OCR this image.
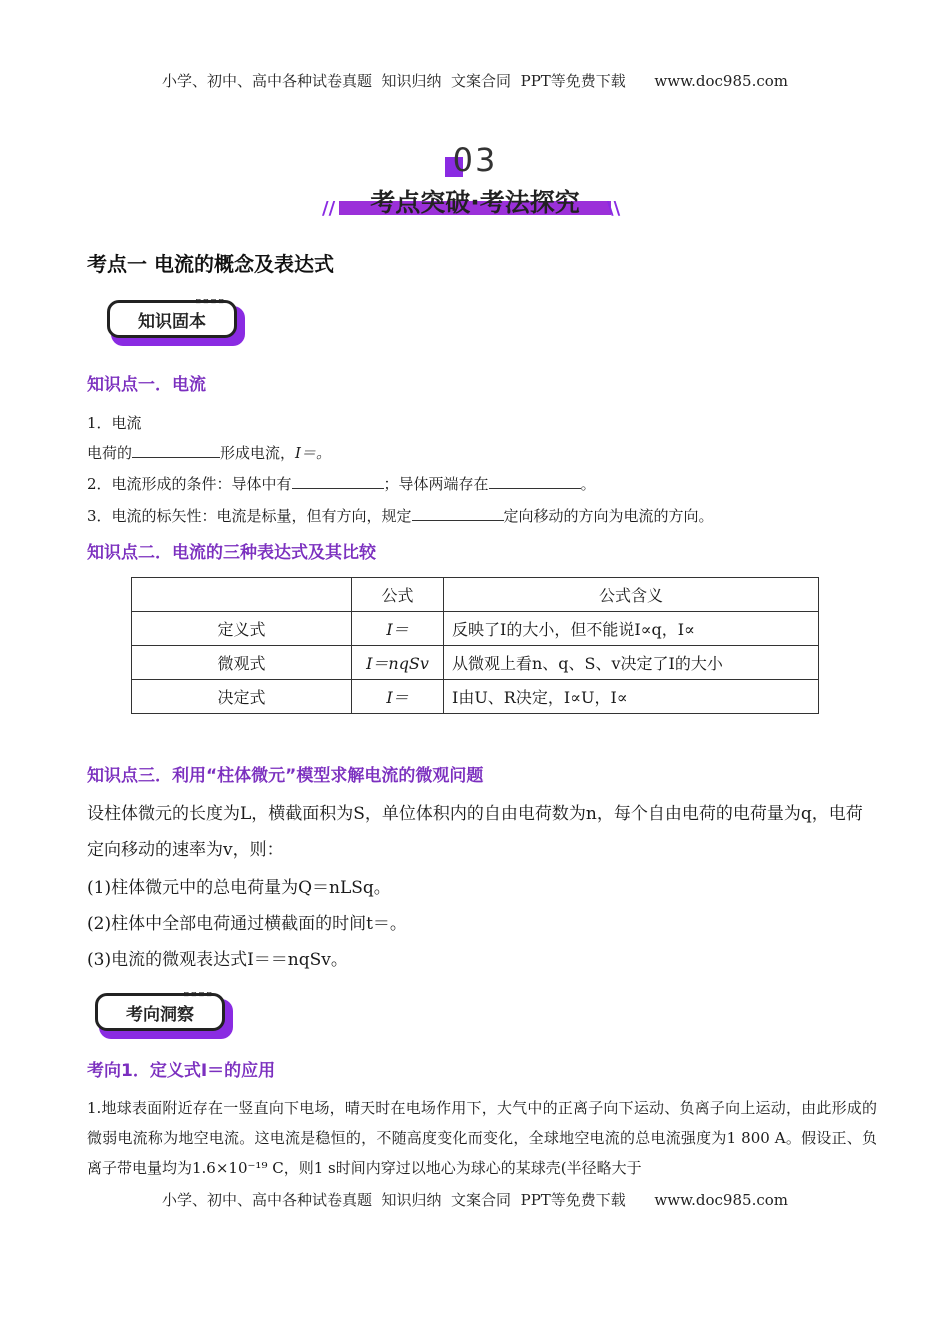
小学、初中、高中各种试卷真题  知识归纳  文案合同  PPT等免费下载      www.doc985.com
03
//	考点突破·考法探究	\\
考点一 电流的概念及表达式
▫▫▫▫
知识固本
知识点一．电流
1．电流
电荷的	形成电流，I＝。
2．电流形成的条件：导体中有	；导体两端存在	。
3．电流的标矢性：电流是标量，但有方向，规定	定向移动的方向为电流的方向。
知识点二．电流的三种表达式及其比较
	公式	公式含义
定义式	I＝	反映了I的大小，但不能说I∝q，I∝
微观式	I＝nqSv	从微观上看n、q、S、v决定了I的大小
决定式	I＝	I由U、R决定，I∝U，I∝
知识点三．利用“柱体微元”模型求解电流的微观问题
设柱体微元的长度为L，横截面积为S，单位体积内的自由电荷数为n，每个自由电荷的电荷量为q，电荷定向移动的速率为v，则：
(1)柱体微元中的总电荷量为Q＝nLSq。
(2)柱体中全部电荷通过横截面的时间t＝。
(3)电流的微观表达式I＝＝nqSv。
▫▫▫▫
考向洞察
考向1．定义式I＝的应用
1.地球表面附近存在一竖直向下电场，晴天时在电场作用下，大气中的正离子向下运动、负离子向上运动，由此形成的微弱电流称为地空电流。这电流是稳恒的，不随高度变化而变化，全球地空电流的总电流强度为1 800 A。假设正、负离子带电量均为1.6×10⁻¹⁹ C，则1 s时间内穿过以地心为球心的某球壳(半径略大于
小学、初中、高中各种试卷真题  知识归纳  文案合同  PPT等免费下载      www.doc985.com
